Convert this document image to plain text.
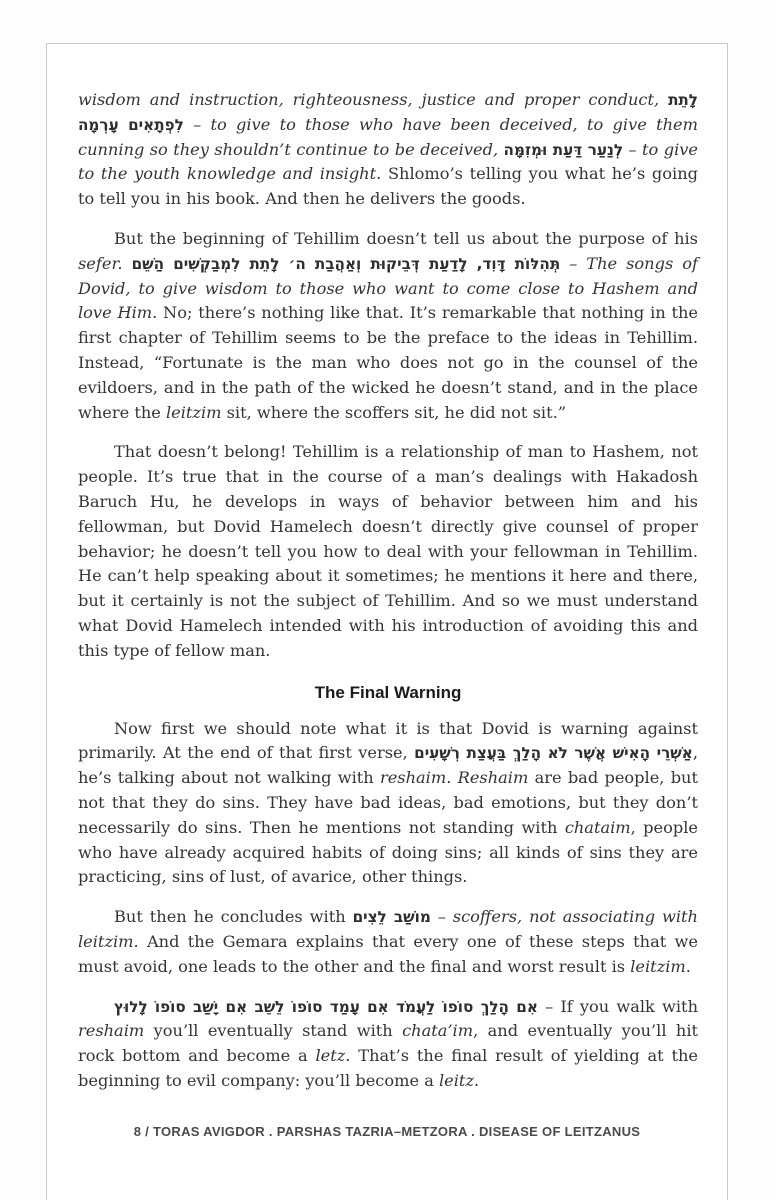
wisdom and instruction, righteousness, justice and proper conduct, לָתֵת לִפְתָאִים עָרְמָה – to give to those who have been deceived, to give them cunning so they shouldn’t continue to be deceived, לְנַעַר דַּעַת וּמְזִמָּה – to give to the youth knowledge and insight. Shlomo’s telling you what he’s going to tell you in his book. And then he delivers the goods.

But the beginning of Tehillim doesn’t tell us about the purpose of his sefer. תְּהִלּוֹת דָּוִד, לָדַעַת דְּבֵיקוּת וְאַהֲבַת ה׳ לָתֵת לִמְבַקְשִׁים הַשֵּׁם – The songs of Dovid, to give wisdom to those who want to come close to Hashem and love Him. No; there’s nothing like that. It’s remarkable that nothing in the first chapter of Tehillim seems to be the preface to the ideas in Tehillim. Instead, “Fortunate is the man who does not go in the counsel of the evildoers, and in the path of the wicked he doesn’t stand, and in the place where the leitzim sit, where the scoffers sit, he did not sit.”

That doesn’t belong! Tehillim is a relationship of man to Hashem, not people. It’s true that in the course of a man’s dealings with Hakadosh Baruch Hu, he develops in ways of behavior between him and his fellowman, but Dovid Hamelech doesn’t directly give counsel of proper behavior; he doesn’t tell you how to deal with your fellowman in Tehillim. He can’t help speaking about it sometimes; he mentions it here and there, but it certainly is not the subject of Tehillim. And so we must understand what Dovid Hamelech intended with his introduction of avoiding this and this type of fellow man.

The Final Warning

Now first we should note what it is that Dovid is warning against primarily. At the end of that first verse, אַשְׁרֵי הָאִישׁ אֲשֶׁר לֹא הָלַךְ בַּעֲצַת רְשָׁעִים, he’s talking about not walking with reshaim. Reshaim are bad people, but not that they do sins. They have bad ideas, bad emotions, but they don’t necessarily do sins. Then he mentions not standing with chataim, people who have already acquired habits of doing sins; all kinds of sins they are practicing, sins of lust, of avarice, other things.

But then he concludes with מוֹשַׁב לֵצִים – scoffers, not associating with leitzim. And the Gemara explains that every one of these steps that we must avoid, one leads to the other and the final and worst result is leitzim.

אִם הָלַךְ סוֹפוֹ לַעֲמֹד אִם עָמַד סוֹפוֹ לֵשֵׁב אִם יָשַׁב סוֹפוֹ לָלוּץ – If you walk with reshaim you’ll eventually stand with chata’im, and eventually you’ll hit rock bottom and become a letz. That’s the final result of yielding at the beginning to evil company: you’ll become a leitz.

8 / TORAS AVIGDOR . PARSHAS TAZRIA–METZORA . DISEASE OF LEITZANUS
